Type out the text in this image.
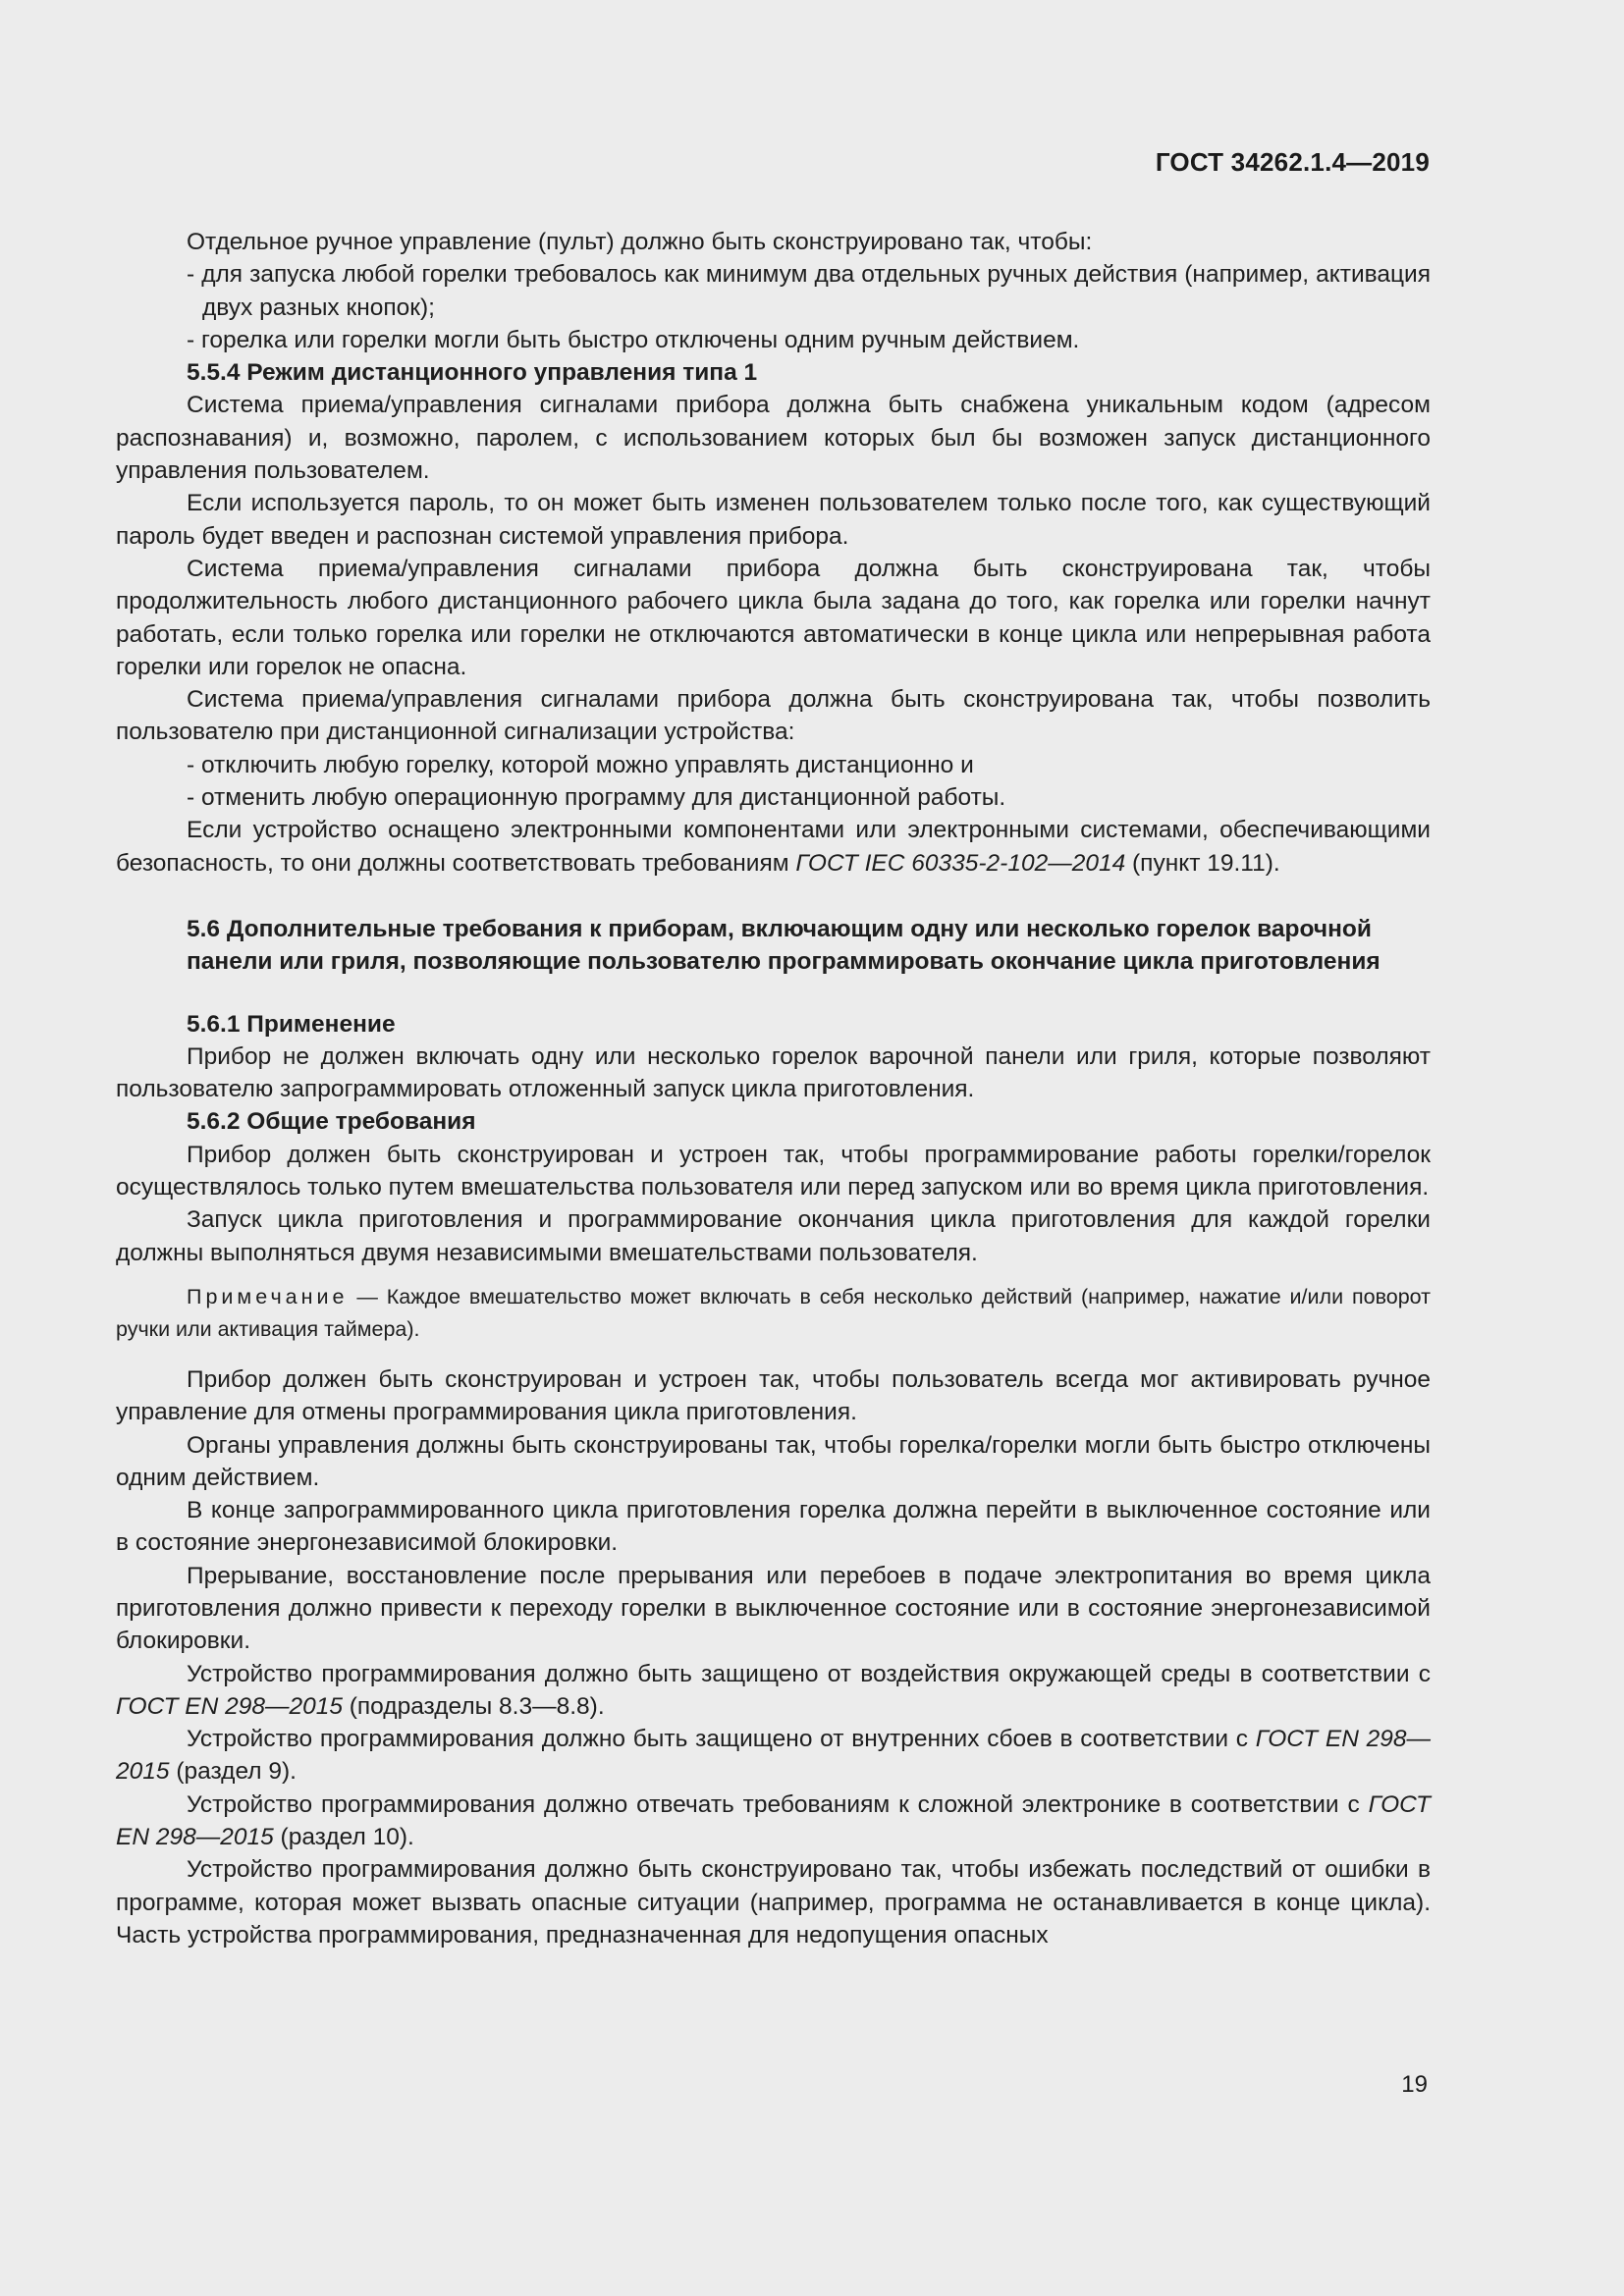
ГОСТ 34262.1.4—2019

Отдельное ручное управление (пульт) должно быть сконструировано так, чтобы:

- для запуска любой горелки требовалось как минимум два отдельных ручных действия (например, активация двух разных кнопок);

- горелка или горелки могли быть быстро отключены одним ручным действием.

5.5.4 Режим дистанционного управления типа 1

Система приема/управления сигналами прибора должна быть снабжена уникальным кодом (адресом распознавания) и, возможно, паролем, с использованием которых был бы возможен запуск дистанционного управления пользователем.

Если используется пароль, то он может быть изменен пользователем только после того, как существующий пароль будет введен и распознан системой управления прибора.

Система приема/управления сигналами прибора должна быть сконструирована так, чтобы продолжительность любого дистанционного рабочего цикла была задана до того, как горелка или горелки начнут работать, если только горелка или горелки не отключаются автоматически в конце цикла или непрерывная работа горелки или горелок не опасна.

Система приема/управления сигналами прибора должна быть сконструирована так, чтобы позволить пользователю при дистанционной сигнализации устройства:

- отключить любую горелку, которой можно управлять дистанционно и

- отменить любую операционную программу для дистанционной работы.

Если устройство оснащено электронными компонентами или электронными системами, обеспечивающими безопасность, то они должны соответствовать требованиям ГОСТ IEC 60335-2-102—2014 (пункт 19.11).

5.6 Дополнительные требования к приборам, включающим одну или несколько горелок варочной панели или гриля, позволяющие пользователю программировать окончание цикла приготовления

5.6.1 Применение

Прибор не должен включать одну или несколько горелок варочной панели или гриля, которые позволяют пользователю запрограммировать отложенный запуск цикла приготовления.

5.6.2 Общие требования

Прибор должен быть сконструирован и устроен так, чтобы программирование работы горелки/горелок осуществлялось только путем вмешательства пользователя или перед запуском или во время цикла приготовления.

Запуск цикла приготовления и программирование окончания цикла приготовления для каждой горелки должны выполняться двумя независимыми вмешательствами пользователя.

Примечание — Каждое вмешательство может включать в себя несколько действий (например, нажатие и/или поворот ручки или активация таймера).

Прибор должен быть сконструирован и устроен так, чтобы пользователь всегда мог активировать ручное управление для отмены программирования цикла приготовления.

Органы управления должны быть сконструированы так, чтобы горелка/горелки могли быть быстро отключены одним действием.

В конце запрограммированного цикла приготовления горелка должна перейти в выключенное состояние или в состояние энергонезависимой блокировки.

Прерывание, восстановление после прерывания или перебоев в подаче электропитания во время цикла приготовления должно привести к переходу горелки в выключенное состояние или в состояние энергонезависимой блокировки.

Устройство программирования должно быть защищено от воздействия окружающей среды в соответствии с ГОСТ EN 298—2015 (подразделы 8.3—8.8).

Устройство программирования должно быть защищено от внутренних сбоев в соответствии с ГОСТ EN 298—2015 (раздел 9).

Устройство программирования должно отвечать требованиям к сложной электронике в соответствии с ГОСТ EN 298—2015 (раздел 10).

Устройство программирования должно быть сконструировано так, чтобы избежать последствий от ошибки в программе, которая может вызвать опасные ситуации (например, программа не останавливается в конце цикла). Часть устройства программирования, предназначенная для недопущения опасных

19
